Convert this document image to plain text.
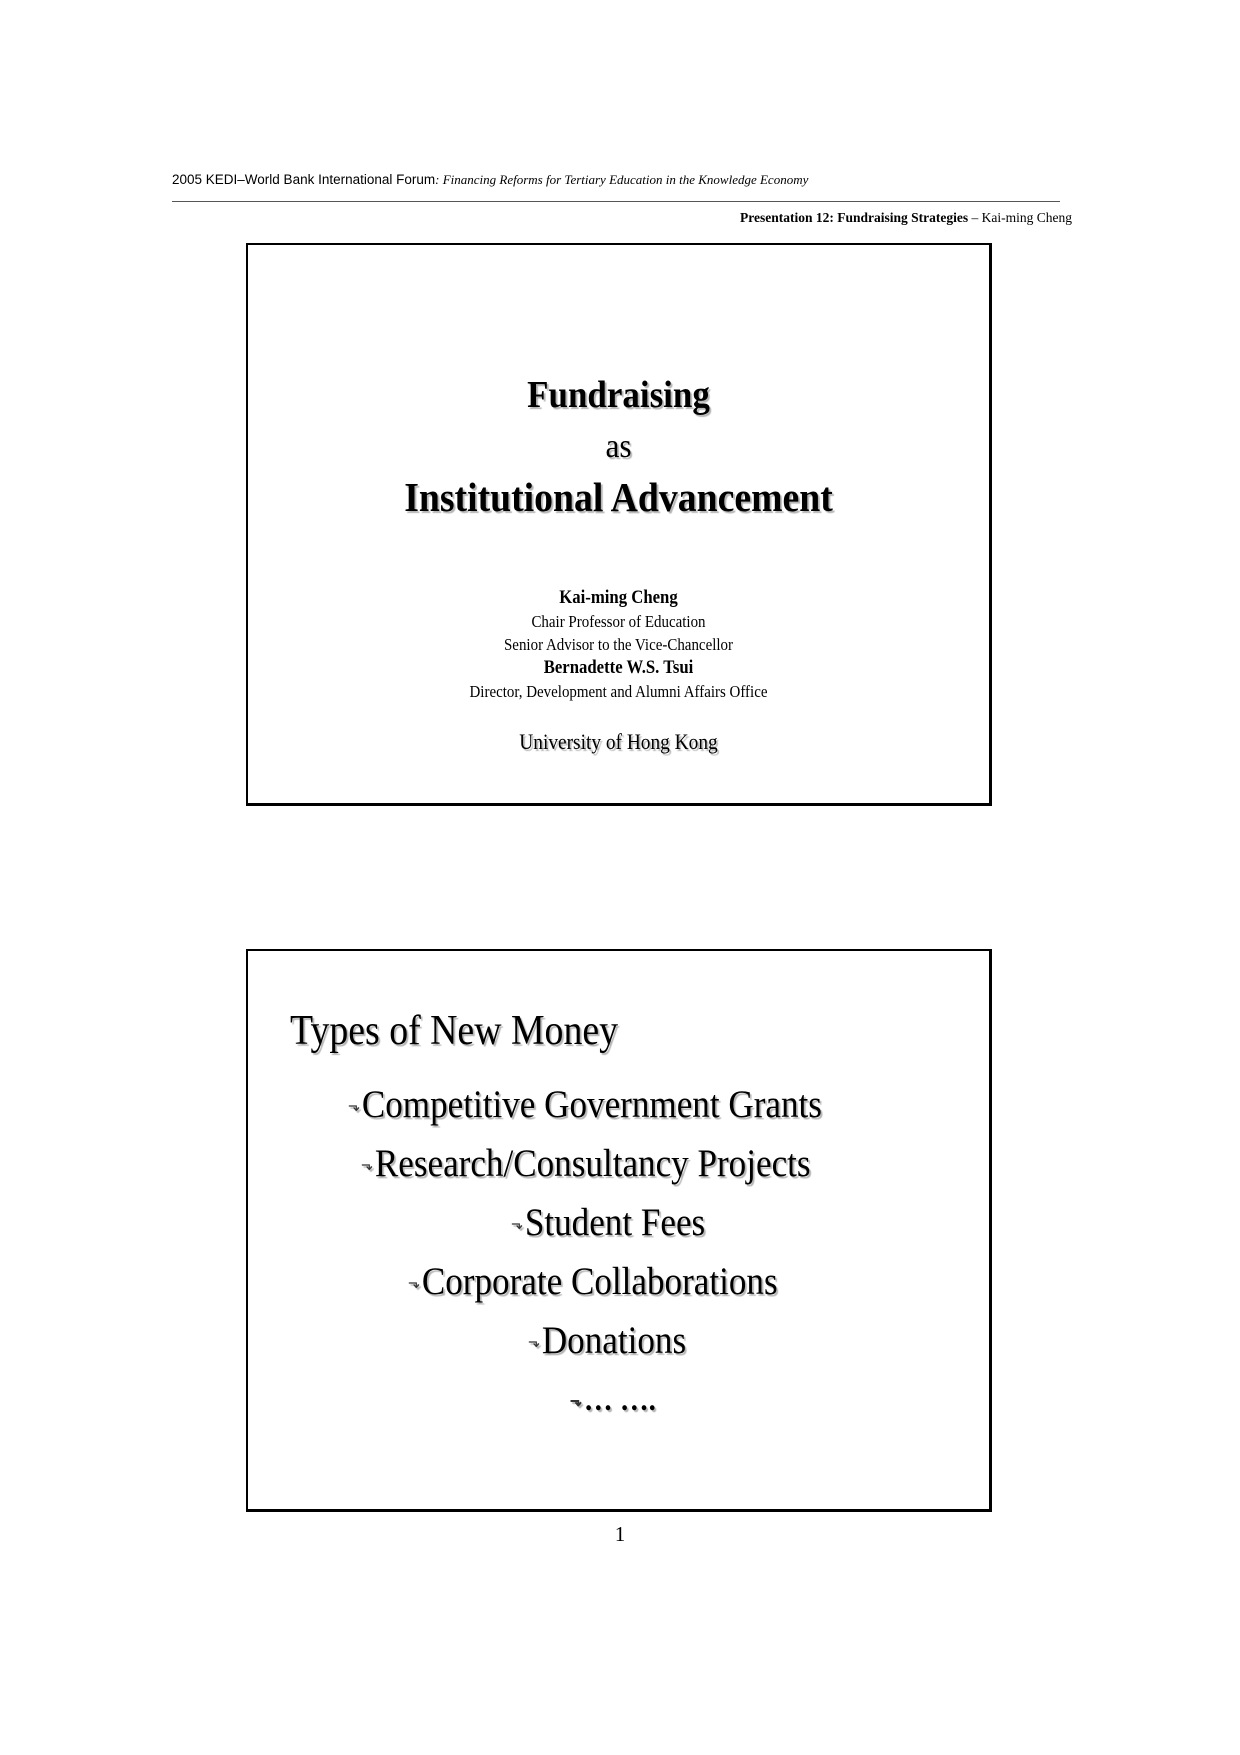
2005 KEDI–World Bank International Forum: Financing Reforms for Tertiary Education in the Knowledge Economy
Presentation 12: Fundraising Strategies – Kai-ming Cheng
Fundraising
as
Institutional Advancement
Kai-ming Cheng
Chair Professor of Education
Senior Advisor to the Vice-Chancellor
Bernadette W.S. Tsui
Director, Development and Alumni Affairs Office
University of Hong Kong
Types of New Money
⬎Competitive Government Grants
⬎Research/Consultancy Projects
⬎Student Fees
⬎Corporate Collaborations
⬎Donations
⬎… ….
1
